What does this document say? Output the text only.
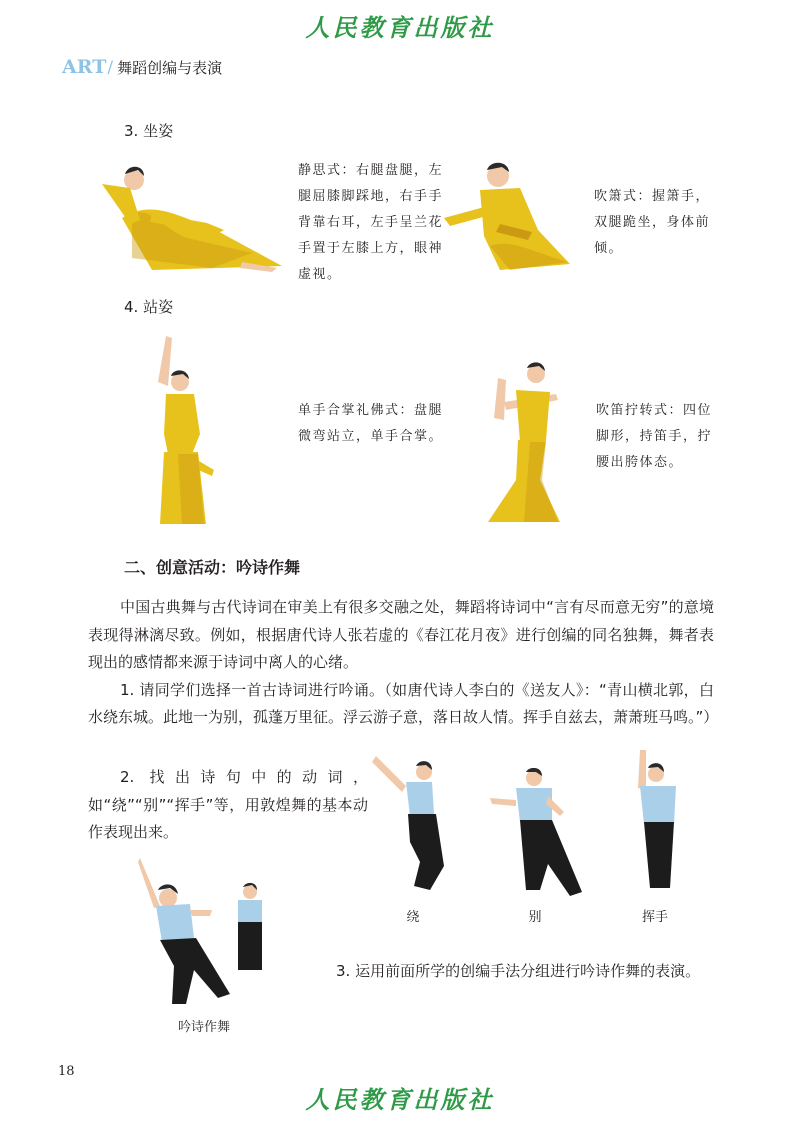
人民教育出版社
ART / 舞蹈创编与表演
3. 坐姿
静思式：右腿盘腿，左腿屈膝脚踩地，右手手背靠右耳，左手呈兰花手置于左膝上方，眼神虚视。
吹箫式：握箫手，双腿跪坐，身体前倾。
4. 站姿
单手合掌礼佛式：盘腿微弯站立，单手合掌。
吹笛拧转式：四位脚形，持笛手，拧腰出胯体态。
二、创意活动：吟诗作舞

中国古典舞与古代诗词在审美上有很多交融之处，舞蹈将诗词中“言有尽而意无穷”的意境表现得淋漓尽致。例如，根据唐代诗人张若虚的《春江花月夜》进行创编的同名独舞，舞者表现出的感情都来源于诗词中离人的心绪。

1. 请同学们选择一首古诗词进行吟诵。（如唐代诗人李白的《送友人》：“青山横北郭，白水绕东城。此地一为别，孤蓬万里征。浮云游子意，落日故人情。挥手自兹去，萧萧班马鸣。”）

2. 找出诗句中的动词，如“绕”“别”“挥手”等，用敦煌舞的基本动作表现出来。

绕	别	挥手
吟诗作舞
3. 运用前面所学的创编手法分组进行吟诗作舞的表演。
18
人民教育出版社
